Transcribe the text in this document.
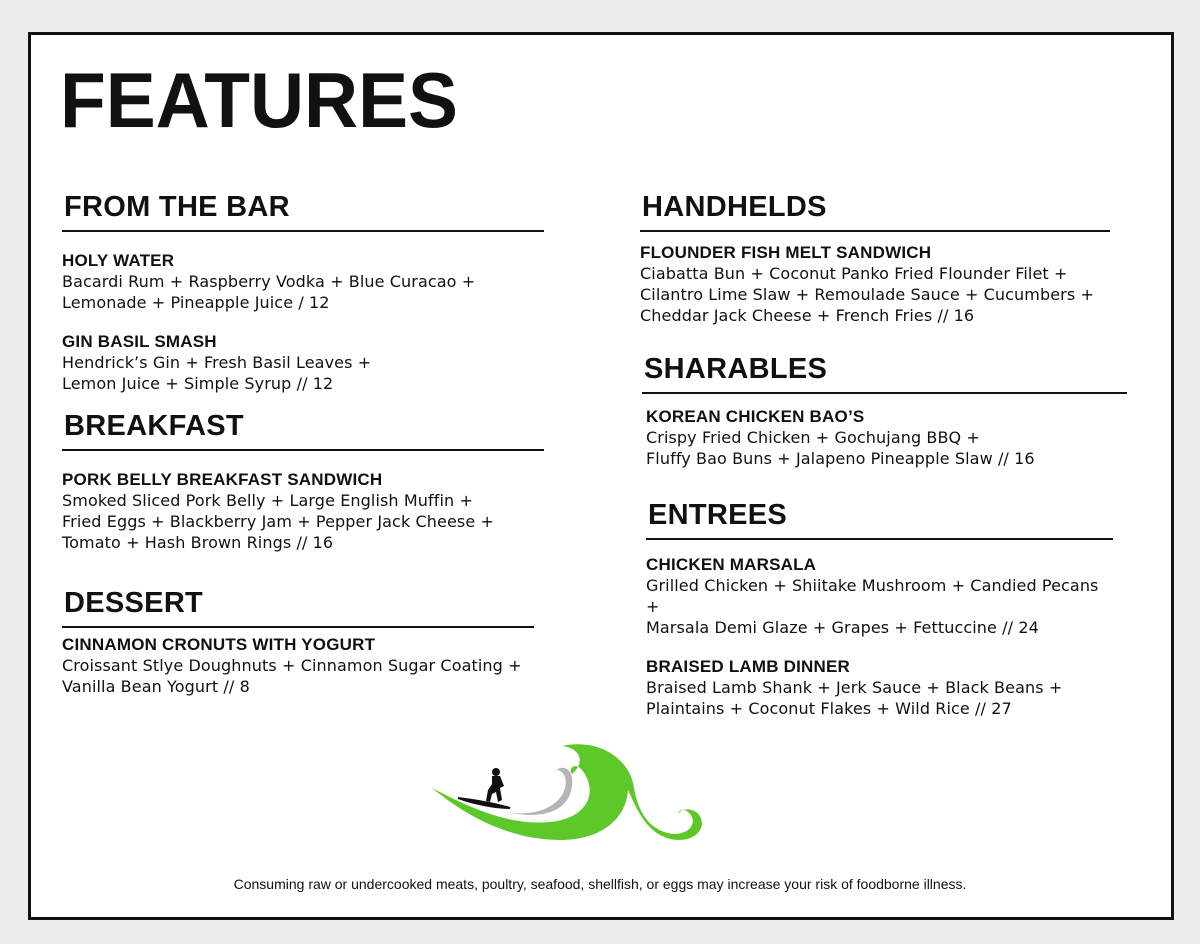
FEATURES
FROM THE BAR
HOLY WATER
Bacardi Rum + Raspberry Vodka + Blue Curacao +
Lemonade + Pineapple Juice / 12
GIN BASIL SMASH
Hendrick’s Gin + Fresh Basil Leaves +
Lemon Juice + Simple Syrup // 12
BREAKFAST
PORK BELLY BREAKFAST SANDWICH
Smoked Sliced Pork Belly + Large English Muffin +
Fried Eggs + Blackberry Jam + Pepper Jack Cheese +
Tomato + Hash Brown Rings // 16
DESSERT
CINNAMON CRONUTS WITH YOGURT
Croissant Stlye Doughnuts + Cinnamon Sugar Coating +
Vanilla Bean Yogurt // 8
HANDHELDS
FLOUNDER FISH MELT SANDWICH
Ciabatta Bun + Coconut Panko Fried Flounder Filet +
Cilantro Lime Slaw + Remoulade Sauce + Cucumbers +
Cheddar Jack Cheese + French Fries // 16
SHARABLES
KOREAN CHICKEN BAO’S
Crispy Fried Chicken + Gochujang BBQ +
Fluffy Bao Buns + Jalapeno Pineapple Slaw // 16
ENTREES
CHICKEN MARSALA
Grilled Chicken + Shiitake Mushroom + Candied Pecans +
Marsala Demi Glaze + Grapes + Fettuccine // 24
BRAISED LAMB DINNER
Braised Lamb Shank + Jerk Sauce + Black Beans +
Plaintains + Coconut Flakes + Wild Rice // 27
Consuming raw or undercooked meats, poultry, seafood, shellfish, or eggs may increase your risk of foodborne illness.
